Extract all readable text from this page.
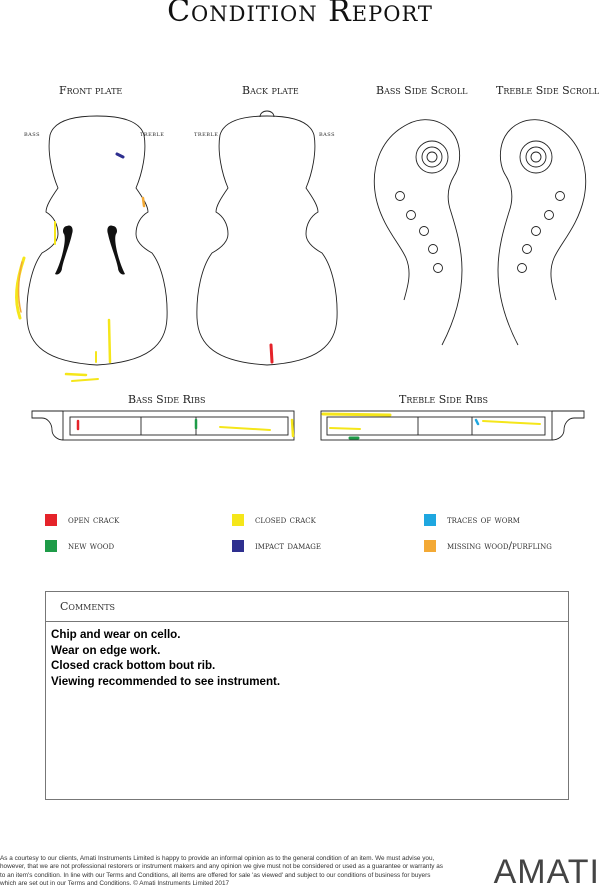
Condition Report
Front plate	Back plate	Bass Side Scroll	Treble Side Scroll
Bass Side Ribs	Treble Side Ribs
bass	treble	treble	bass
open crack	closed crack	traces of worm
new wood	impact damage	missing wood/purfling
Comments
Chip and wear on cello.
Wear on edge work.
Closed crack bottom bout rib.
Viewing recommended to see instrument.
As a courtesy to our clients, Amati Instruments Limited is happy to provide an informal opinion as to the general condition of an item. We must advise you, however, that we are not professional restorers or instrument makers and any opinion we give must not be considered or used as a guarantee or warranty as to an item's condition. In line with our Terms and Conditions, all items are offered for sale 'as viewed' and subject to our conditions of business for buyers which are set out in our Terms and Conditions. © Amati Instruments Limited 2017	AMATI
